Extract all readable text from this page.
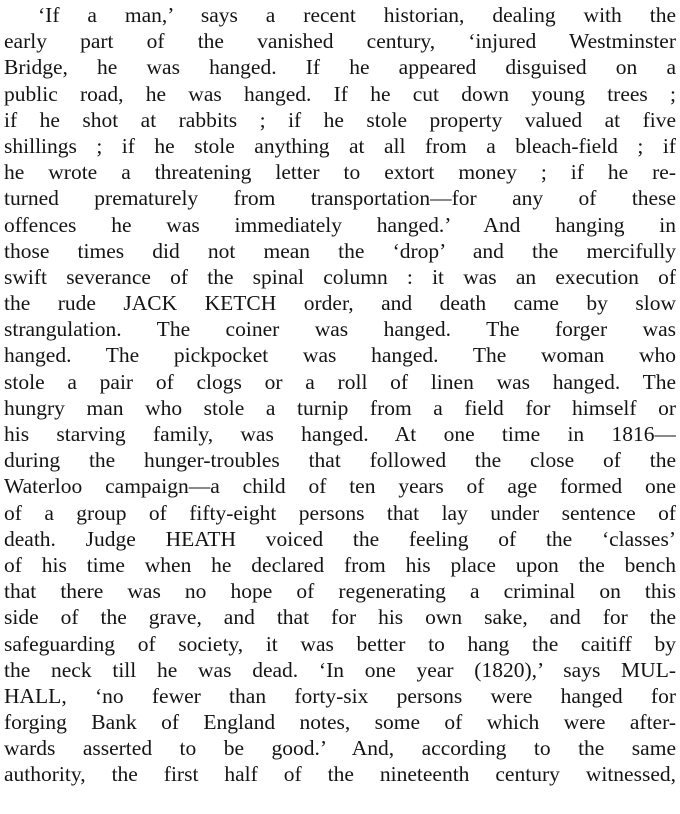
‘If a man,’ says a recent historian, dealing with the
early part of the vanished century, ‘injured Westminster
Bridge, he was hanged. If he appeared disguised on a
public road, he was hanged. If he cut down young trees ;
if he shot at rabbits ; if he stole property valued at five
shillings ; if he stole anything at all from a bleach-field ; if
he wrote a threatening letter to extort money ; if he re-
turned prematurely from transportation—for any of these
offences he was immediately hanged.’ And hanging in
those times did not mean the ‘drop’ and the mercifully
swift severance of the spinal column : it was an execution of
the rude JACK KETCH order, and death came by slow
strangulation. The coiner was hanged. The forger was
hanged. The pickpocket was hanged. The woman who
stole a pair of clogs or a roll of linen was hanged. The
hungry man who stole a turnip from a field for himself or
his starving family, was hanged. At one time in 1816—
during the hunger-troubles that followed the close of the
Waterloo campaign—a child of ten years of age formed one
of a group of fifty-eight persons that lay under sentence of
death. Judge HEATH voiced the feeling of the ‘classes’
of his time when he declared from his place upon the bench
that there was no hope of regenerating a criminal on this
side of the grave, and that for his own sake, and for the
safeguarding of society, it was better to hang the caitiff by
the neck till he was dead. ‘In one year (1820),’ says MUL-
HALL, ‘no fewer than forty-six persons were hanged for
forging Bank of England notes, some of which were after-
wards asserted to be good.’ And, according to the same
authority, the first half of the nineteenth century witnessed,
